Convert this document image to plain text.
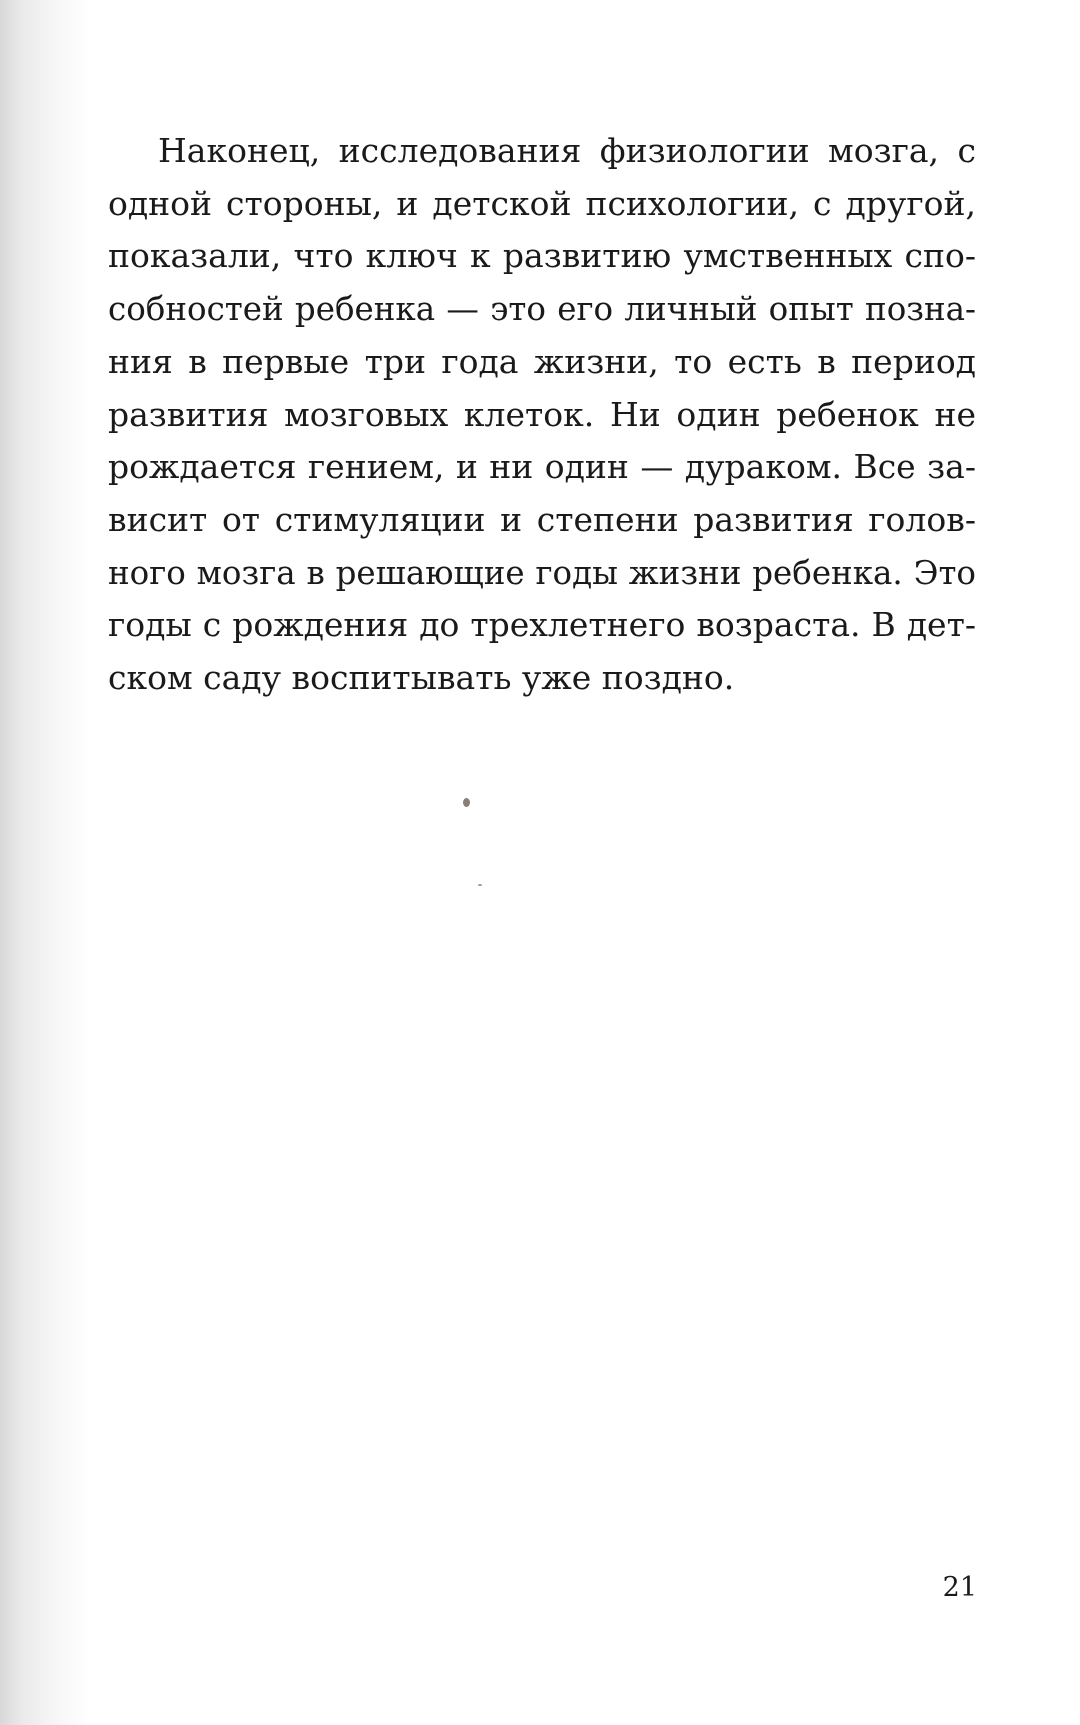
Наконец, исследования физиологии мозга, с
одной стороны, и детской психологии, с другой,
показали, что ключ к развитию умственных спо-
собностей ребенка — это его личный опыт позна-
ния в первые три года жизни, то есть в период
развития мозговых клеток. Ни один ребенок не
рождается гением, и ни один — дураком. Все за-
висит от стимуляции и степени развития голов-
ного мозга в решающие годы жизни ребенка. Это
годы с рождения до трехлетнего возраста. В дет-
ском саду воспитывать уже поздно.
21
